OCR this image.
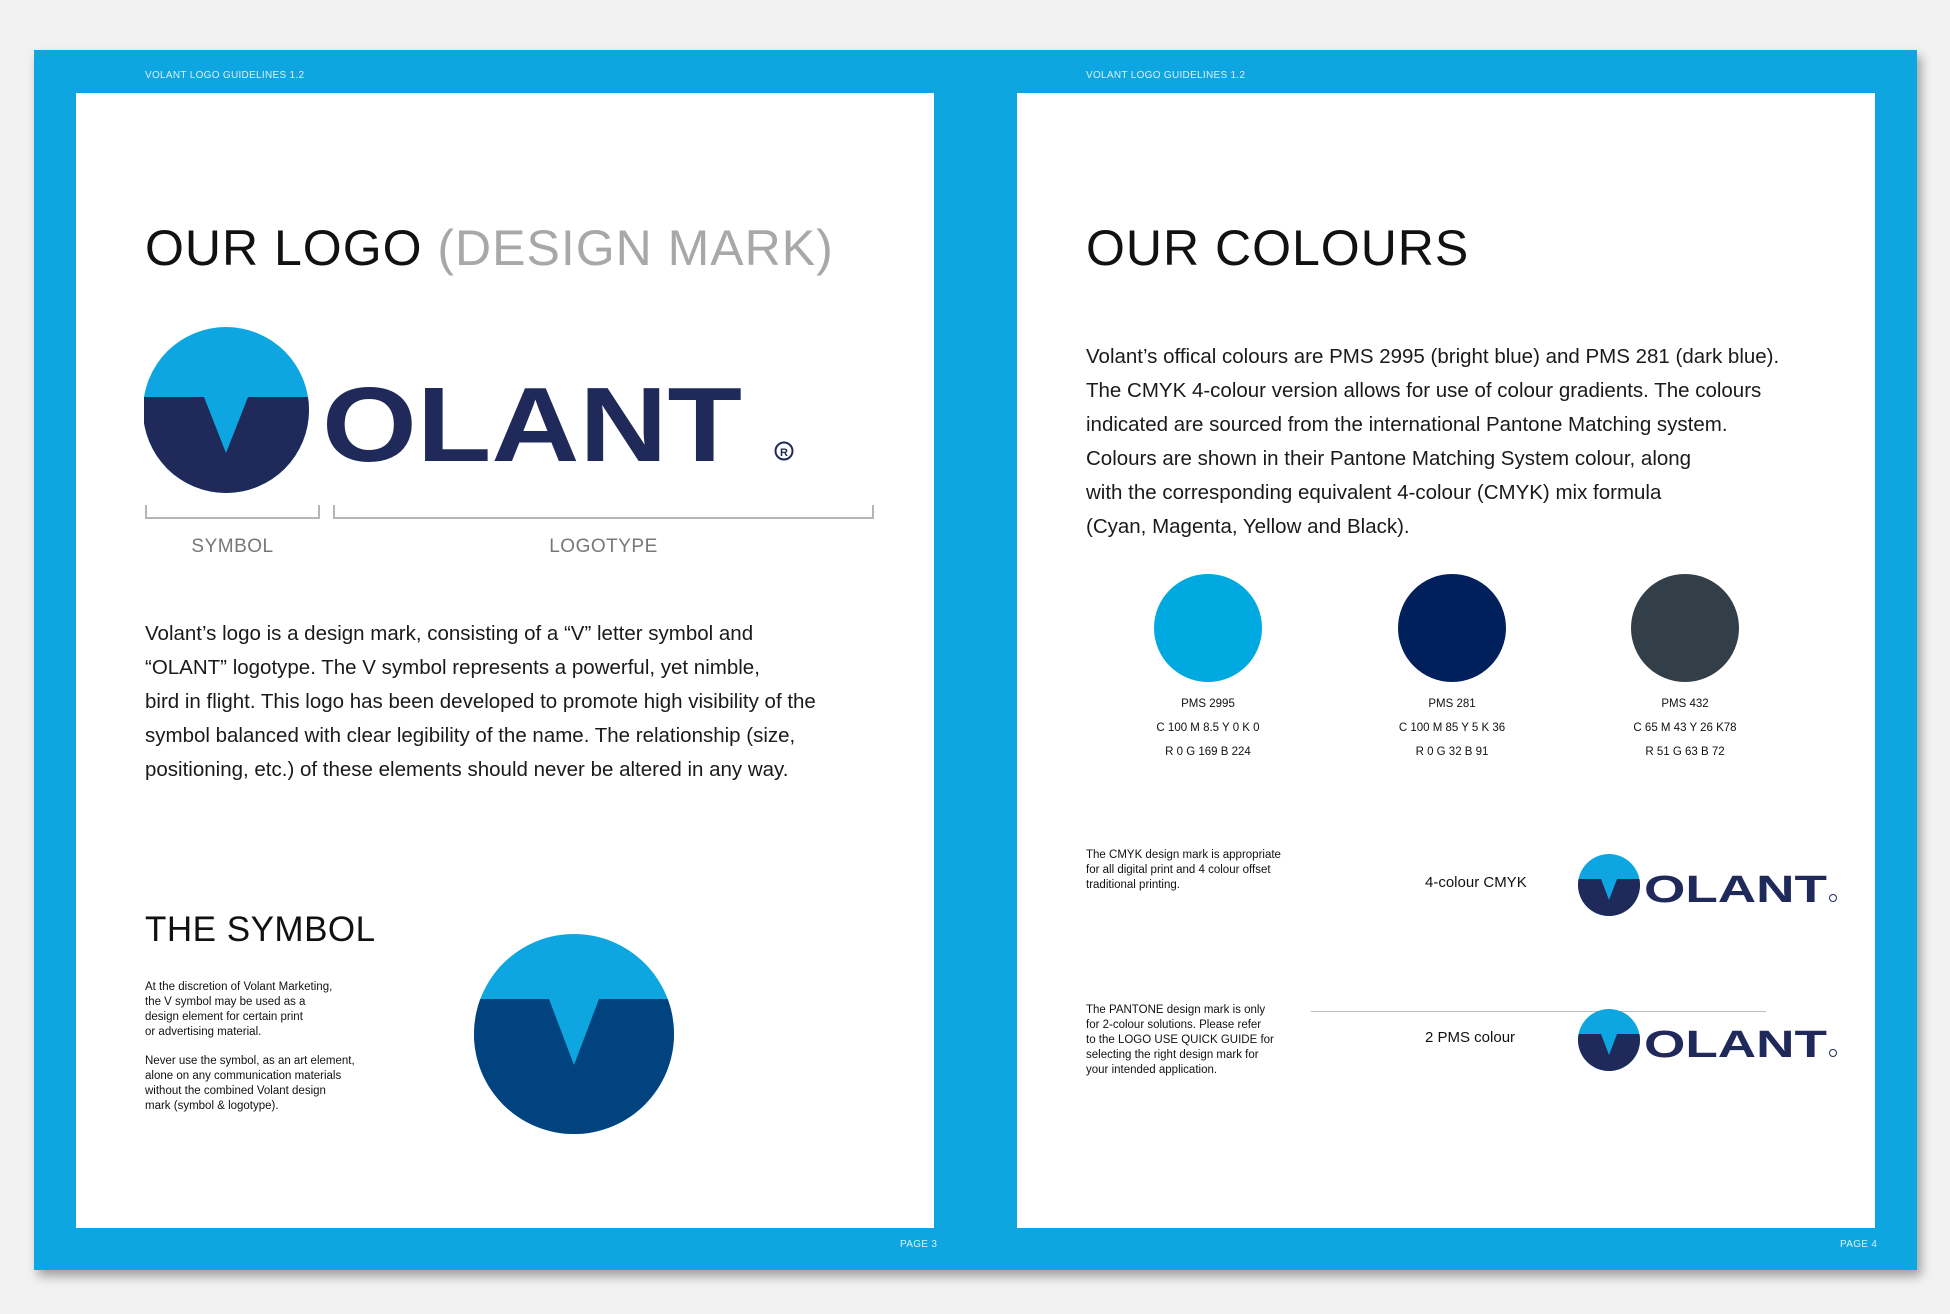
VOLANT LOGO GUIDELINES 1.2	VOLANT LOGO GUIDELINES 1.2
PAGE 3	PAGE 4
OUR LOGO (DESIGN MARK)
OLANT	R
SYMBOL	LOGOTYPE
Volant’s logo is a design mark, consisting of a “V” letter symbol and
“OLANT” logotype. The V symbol represents a powerful, yet nimble,
bird in flight. This logo has been developed to promote high visibility of the
symbol balanced with clear legibility of the name. The relationship (size,
positioning, etc.) of these elements should never be altered in any way.
THE SYMBOL
At the discretion of Volant Marketing,
the V symbol may be used as a
design element for certain print
or advertising material.
Never use the symbol, as an art element,
alone on any communication materials
without the combined Volant design
mark (symbol & logotype).
OUR COLOURS
Volant’s offical colours are PMS 2995 (bright blue) and PMS 281 (dark blue).
The CMYK 4-colour version allows for use of colour gradients. The colours
indicated are sourced from the international Pantone Matching system.
Colours are shown in their Pantone Matching System colour, along
with the corresponding equivalent 4-colour (CMYK) mix formula
(Cyan, Magenta, Yellow and Black).
PMS 2995
C 100 M 8.5 Y 0 K 0
R 0 G 169 B 224
PMS 281
C 100 M 85 Y 5 K 36
R 0 G 32 B 91
PMS 432
C 65 M 43 Y 26 K78
R 51 G 63 B 72
The CMYK design mark is appropriate
for all digital print and 4 colour offset
traditional printing.	4-colour CMYK	OLANT
The PANTONE design mark is only
for 2-colour solutions. Please refer
to the LOGO USE QUICK GUIDE for
selecting the right design mark for
your intended application.
2 PMS colour	OLANT
